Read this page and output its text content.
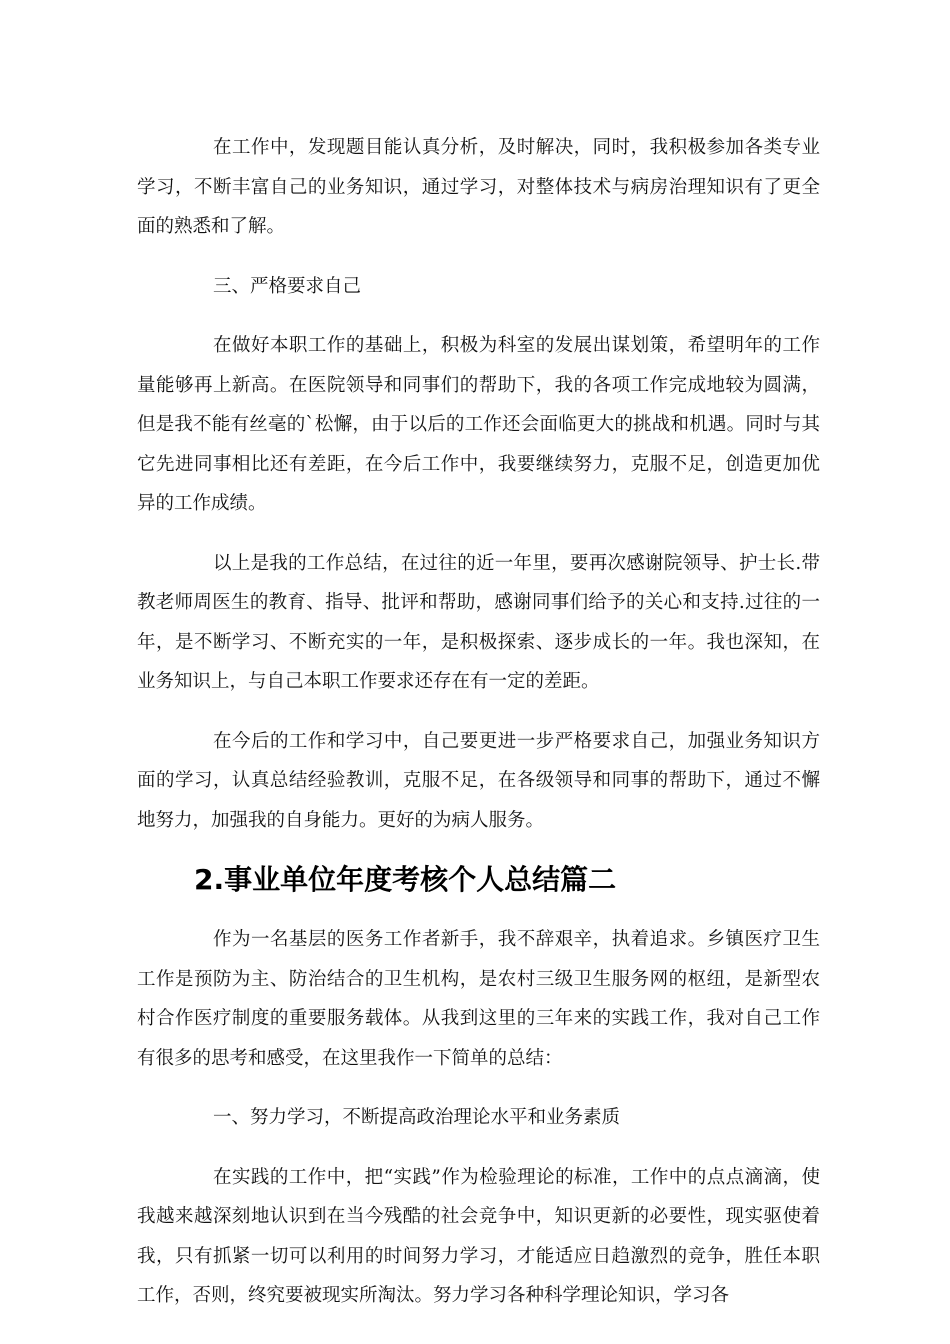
在工作中，发现题目能认真分析，及时解决，同时，我积极参加各类专业学习，不断丰富自己的业务知识，通过学习，对整体技术与病房治理知识有了更全面的熟悉和了解。

三、严格要求自己

在做好本职工作的基础上，积极为科室的发展出谋划策，希望明年的工作量能够再上新高。在医院领导和同事们的帮助下，我的各项工作完成地较为圆满，但是我不能有丝毫的`松懈，由于以后的工作还会面临更大的挑战和机遇。同时与其它先进同事相比还有差距，在今后工作中，我要继续努力，克服不足，创造更加优异的工作成绩。

以上是我的工作总结，在过往的近一年里，要再次感谢院领导、护士长.带教老师周医生的教育、指导、批评和帮助，感谢同事们给予的关心和支持.过往的一年，是不断学习、不断充实的一年，是积极探索、逐步成长的一年。我也深知，在业务知识上，与自己本职工作要求还存在有一定的差距。

在今后的工作和学习中，自己要更进一步严格要求自己，加强业务知识方面的学习，认真总结经验教训，克服不足，在各级领导和同事的帮助下，通过不懈地努力，加强我的自身能力。更好的为病人服务。

2.事业单位年度考核个人总结篇二

作为一名基层的医务工作者新手，我不辞艰辛，执着追求。乡镇医疗卫生工作是预防为主、防治结合的卫生机构，是农村三级卫生服务网的枢纽，是新型农村合作医疗制度的重要服务载体。从我到这里的三年来的实践工作，我对自己工作有很多的思考和感受，在这里我作一下简单的总结：

一、努力学习，不断提高政治理论水平和业务素质

在实践的工作中，把“实践”作为检验理论的标准，工作中的点点滴滴，使我越来越深刻地认识到在当今残酷的社会竞争中，知识更新的必要性，现实驱使着我，只有抓紧一切可以利用的时间努力学习，才能适应日趋激烈的竞争，胜任本职工作，否则，终究要被现实所淘汰。努力学习各种科学理论知识，学习各
